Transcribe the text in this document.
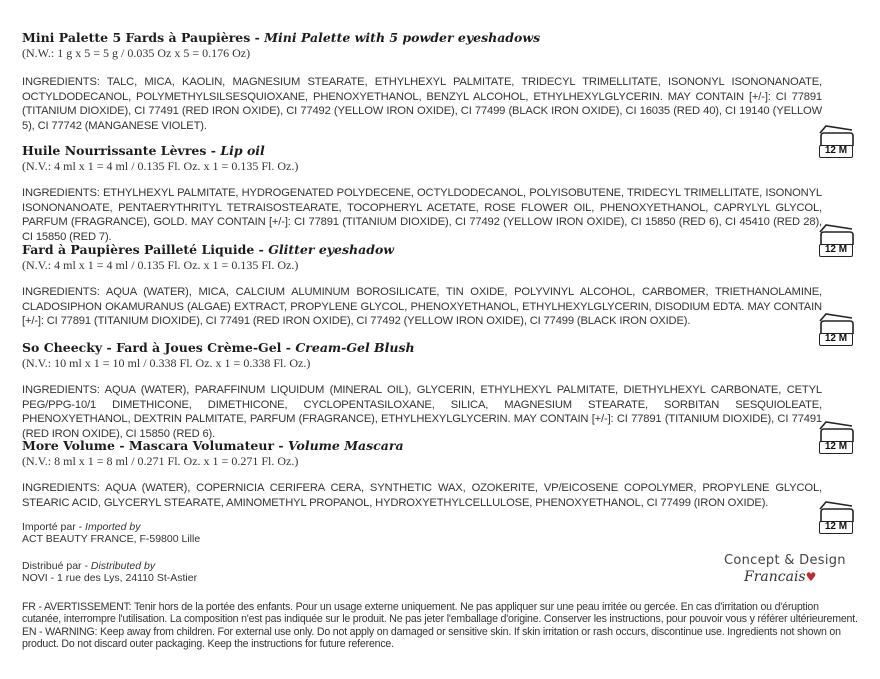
Mini Palette 5 Fards à Paupières - Mini Palette with 5 powder eyeshadows
(N.W.: 1 g x 5 = 5 g / 0.035 Oz x 5 = 0.176 Oz)
INGREDIENTS: TALC, MICA, KAOLIN, MAGNESIUM STEARATE, ETHYLHEXYL PALMITATE, TRIDECYL TRIMELLITATE, ISONONYL ISONONANOATE, OCTYLDODECANOL, POLYMETHYLSILSESQUIOXANE, PHENOXYETHANOL, BENZYL ALCOHOL, ETHYLHEXYLGLYCERIN. MAY CONTAIN [+/-]: CI 77891 (TITANIUM DIOXIDE), CI 77491 (RED IRON OXIDE), CI 77492 (YELLOW IRON OXIDE), CI 77499 (BLACK IRON OXIDE), CI 16035 (RED 40), CI 19140 (YELLOW 5), CI 77742 (MANGANESE VIOLET).
12 M
Huile Nourrissante Lèvres - Lip oil
(N.V.: 4 ml x 1 = 4 ml / 0.135 Fl. Oz. x 1 = 0.135 Fl. Oz.)
INGREDIENTS: ETHYLHEXYL PALMITATE, HYDROGENATED POLYDECENE, OCTYLDODECANOL, POLYISOBUTENE, TRIDECYL TRIMELLITATE, ISONONYL ISONONANOATE, PENTAERYTHRITYL TETRAISOSTEARATE, TOCOPHERYL ACETATE, ROSE FLOWER OIL, PHENOXYETHANOL, CAPRYLYL GLYCOL, PARFUM (FRAGRANCE), GOLD. MAY CONTAIN [+/-]: CI 77891 (TITANIUM DIOXIDE), CI 77492 (YELLOW IRON OXIDE), CI 15850 (RED 6), CI 45410 (RED 28), CI 15850 (RED 7).
12 M
Fard à Paupières Pailleté Liquide - Glitter eyeshadow
(N.V.: 4 ml x 1 = 4 ml / 0.135 Fl. Oz. x 1 = 0.135 Fl. Oz.)
INGREDIENTS: AQUA (WATER), MICA, CALCIUM ALUMINUM BOROSILICATE, TIN OXIDE, POLYVINYL ALCOHOL, CARBOMER, TRIETHANOLAMINE, CLADOSIPHON OKAMURANUS (ALGAE) EXTRACT, PROPYLENE GLYCOL, PHENOXYETHANOL, ETHYLHEXYLGLYCERIN, DISODIUM EDTA. MAY CONTAIN [+/-]: CI 77891 (TITANIUM DIOXIDE), CI 77491 (RED IRON OXIDE), CI 77492 (YELLOW IRON OXIDE), CI 77499 (BLACK IRON OXIDE).
12 M
So Cheecky - Fard à Joues Crème-Gel - Cream-Gel Blush
(N.V.: 10 ml x 1 = 10 ml / 0.338 Fl. Oz. x 1 = 0.338 Fl. Oz.)
INGREDIENTS: AQUA (WATER), PARAFFINUM LIQUIDUM (MINERAL OIL), GLYCERIN, ETHYLHEXYL PALMITATE, DIETHYLHEXYL CARBONATE, CETYL PEG/PPG-10/1 DIMETHICONE, DIMETHICONE, CYCLOPENTASILOXANE, SILICA, MAGNESIUM STEARATE, SORBITAN SESQUIOLEATE, PHENOXYETHANOL, DEXTRIN PALMITATE, PARFUM (FRAGRANCE), ETHYLHEXYLGLYCERIN. MAY CONTAIN [+/-]: CI 77891 (TITANIUM DIOXIDE), CI 77491 (RED IRON OXIDE), CI 15850 (RED 6).
12 M
More Volume - Mascara Volumateur - Volume Mascara
(N.V.: 8 ml x 1 = 8 ml / 0.271 Fl. Oz. x 1 = 0.271 Fl. Oz.)
INGREDIENTS: AQUA (WATER), COPERNICIA CERIFERA CERA, SYNTHETIC WAX, OZOKERITE, VP/EICOSENE COPOLYMER, PROPYLENE GLYCOL, STEARIC ACID, GLYCERYL STEARATE, AMINOMETHYL PROPANOL, HYDROXYETHYLCELLULOSE, PHENOXYETHANOL, CI 77499 (IRON OXIDE).
12 M
Importé par - Imported by
ACT BEAUTY FRANCE, F-59800 Lille
Distribué par - Distributed by
NOVI - 1 rue des Lys, 24110 St-Astier
Concept & Design
Francais♥
FR - AVERTISSEMENT: Tenir hors de la portée des enfants. Pour un usage externe uniquement. Ne pas appliquer sur une peau irritée ou gercée. En cas d'irritation ou d'éruption cutanée, interrompre l'utilisation. La composition n'est pas indiquée sur le produit. Ne pas jeter l'emballage d'origine. Conserver les instructions, pour pouvoir vous y référer ultérieurement. EN - WARNING: Keep away from children. For external use only. Do not apply on damaged or sensitive skin. If skin irritation or rash occurs, discontinue use. Ingredients not shown on product. Do not discard outer packaging. Keep the instructions for future reference.
